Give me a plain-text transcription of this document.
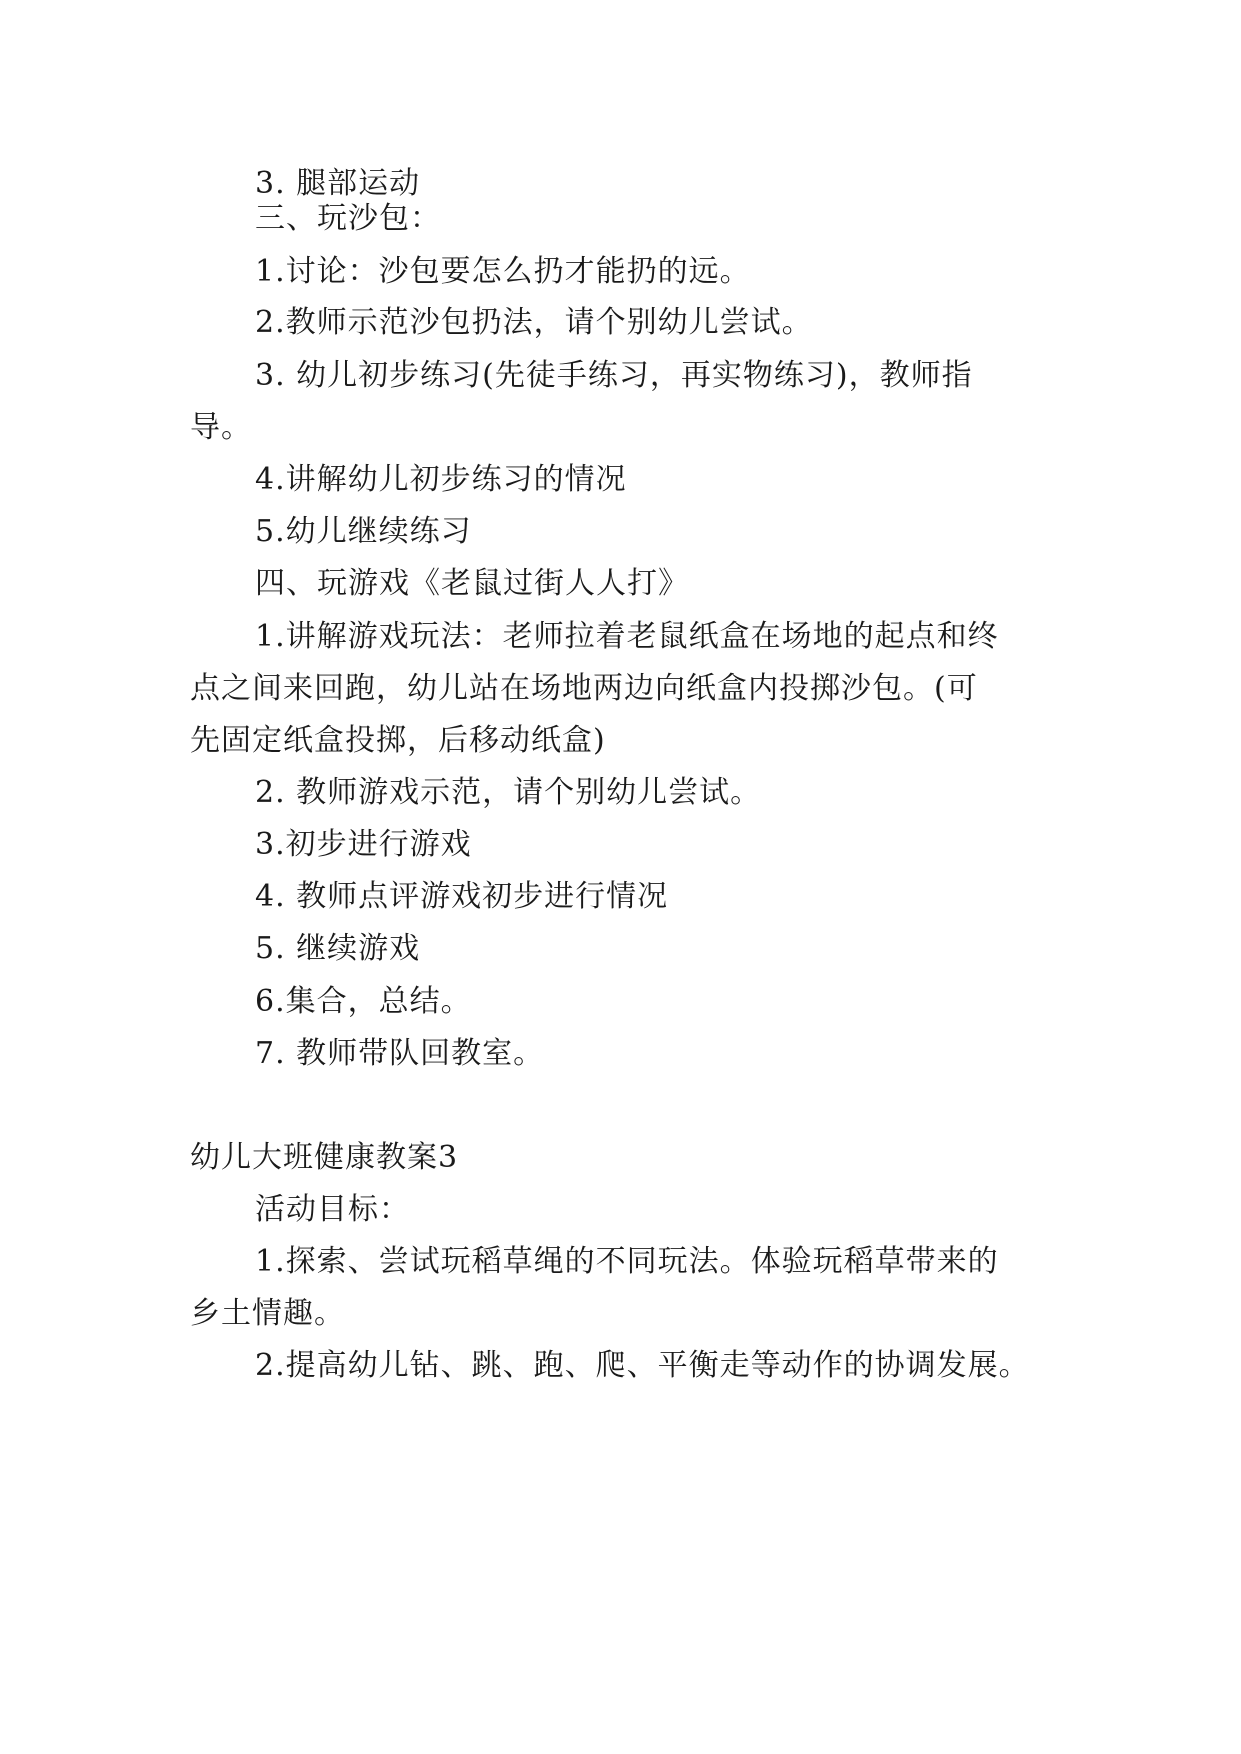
3. 腿部运动
三、玩沙包：
1.讨论：沙包要怎么扔才能扔的远。
2.教师示范沙包扔法，请个别幼儿尝试。
3. 幼儿初步练习(先徒手练习，再实物练习)，教师指
导。
4.讲解幼儿初步练习的情况
5.幼儿继续练习
四、玩游戏《老鼠过街人人打》
1.讲解游戏玩法：老师拉着老鼠纸盒在场地的起点和终
点之间来回跑，幼儿站在场地两边向纸盒内投掷沙包。(可
先固定纸盒投掷，后移动纸盒)
2. 教师游戏示范，请个别幼儿尝试。
3.初步进行游戏
4. 教师点评游戏初步进行情况
5. 继续游戏
6.集合，总结。
7. 教师带队回教室。
幼儿大班健康教案3
活动目标：
1.探索、尝试玩稻草绳的不同玩法。体验玩稻草带来的
乡土情趣。
2.提高幼儿钻、跳、跑、爬、平衡走等动作的协调发展。
